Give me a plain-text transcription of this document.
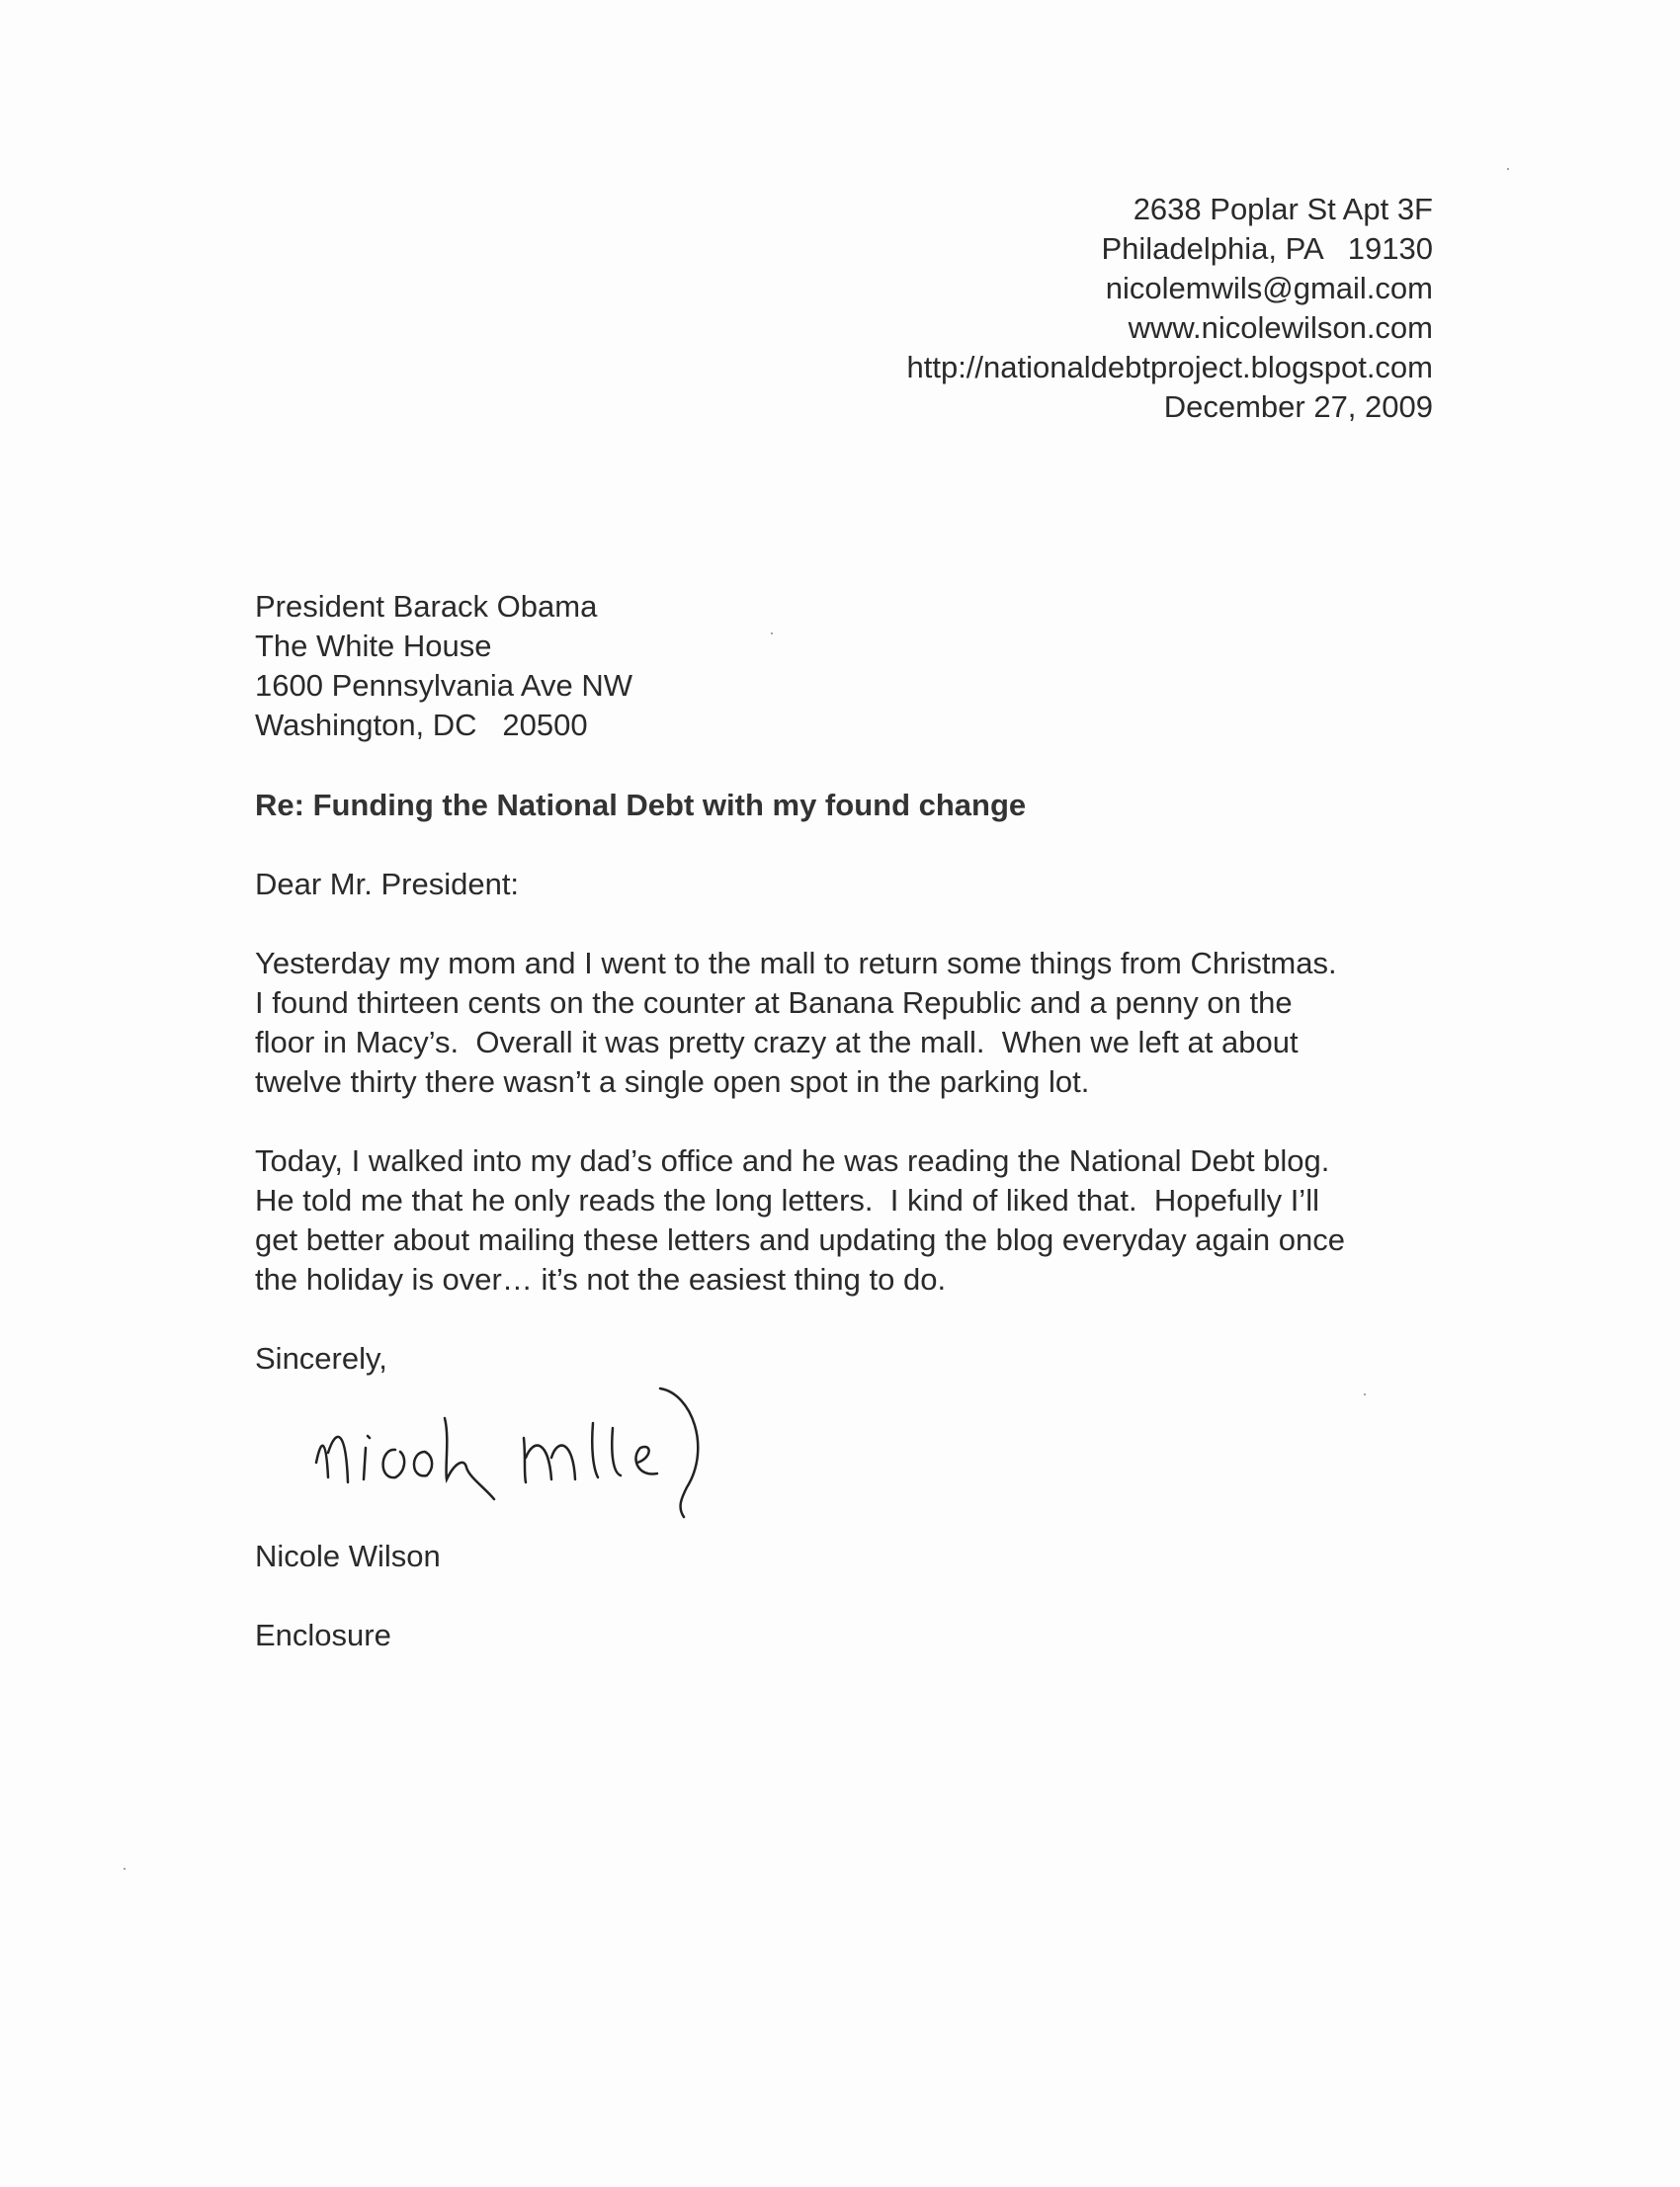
2638 Poplar St Apt 3F
Philadelphia, PA   19130
nicolemwils@gmail.com
www.nicolewilson.com
http://nationaldebtproject.blogspot.com
December 27, 2009
President Barack Obama
The White House
1600 Pennsylvania Ave NW
Washington, DC   20500
Re: Funding the National Debt with my found change
Dear Mr. President:
Yesterday my mom and I went to the mall to return some things from Christmas.
I found thirteen cents on the counter at Banana Republic and a penny on the
floor in Macy’s.  Overall it was pretty crazy at the mall.  When we left at about
twelve thirty there wasn’t a single open spot in the parking lot.
Today, I walked into my dad’s office and he was reading the National Debt blog.
He told me that he only reads the long letters.  I kind of liked that.  Hopefully I’ll
get better about mailing these letters and updating the blog everyday again once
the holiday is over… it’s not the easiest thing to do.
Sincerely,
Nicole Wilson
Enclosure
